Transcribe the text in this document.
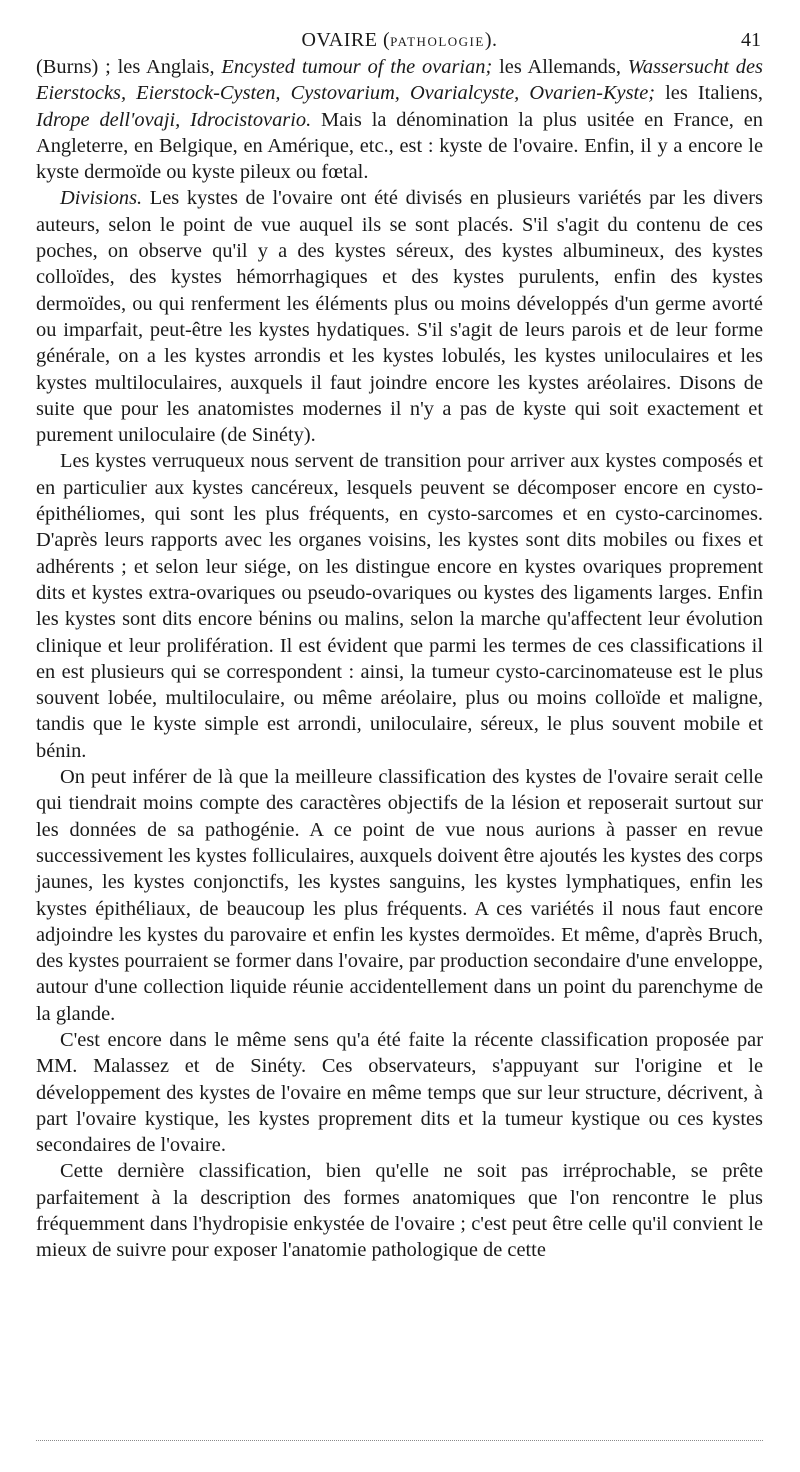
OVAIRE (PATHOLOGIE).	41

(Burns) ; les Anglais, Encysted tumour of the ovarian; les Allemands, Wassersucht des Eierstocks, Eierstock-Cysten, Cystovarium, Ovarialcyste, Ovarien-Kyste; les Italiens, Idrope dell'ovaji, Idrocistovario. Mais la dénomination la plus usitée en France, en Angleterre, en Belgique, en Amérique, etc., est : kyste de l'ovaire. Enfin, il y a encore le kyste dermoïde ou kyste pileux ou fœtal.

Divisions. Les kystes de l'ovaire ont été divisés en plusieurs variétés par les divers auteurs, selon le point de vue auquel ils se sont placés. S'il s'agit du contenu de ces poches, on observe qu'il y a des kystes séreux, des kystes albumineux, des kystes colloïdes, des kystes hémorrhagiques et des kystes purulents, enfin des kystes dermoïdes, ou qui renferment les éléments plus ou moins développés d'un germe avorté ou imparfait, peut-être les kystes hydatiques. S'il s'agit de leurs parois et de leur forme générale, on a les kystes arrondis et les kystes lobulés, les kystes uniloculaires et les kystes multiloculaires, auxquels il faut joindre encore les kystes aréolaires. Disons de suite que pour les anatomistes modernes il n'y a pas de kyste qui soit exactement et purement uniloculaire (de Sinéty).

Les kystes verruqueux nous servent de transition pour arriver aux kystes composés et en particulier aux kystes cancéreux, lesquels peuvent se décomposer encore en cysto-épithéliomes, qui sont les plus fréquents, en cysto-sarcomes et en cysto-carcinomes. D'après leurs rapports avec les organes voisins, les kystes sont dits mobiles ou fixes et adhérents ; et selon leur siége, on les distingue encore en kystes ovariques proprement dits et kystes extra-ovariques ou pseudo-ovariques ou kystes des ligaments larges. Enfin les kystes sont dits encore bénins ou malins, selon la marche qu'affectent leur évolution clinique et leur prolifération. Il est évident que parmi les termes de ces classifications il en est plusieurs qui se correspondent : ainsi, la tumeur cysto-carcinomateuse est le plus souvent lobée, multiloculaire, ou même aréolaire, plus ou moins colloïde et maligne, tandis que le kyste simple est arrondi, uniloculaire, séreux, le plus souvent mobile et bénin.

On peut inférer de là que la meilleure classification des kystes de l'ovaire serait celle qui tiendrait moins compte des caractères objectifs de la lésion et reposerait surtout sur les données de sa pathogénie. A ce point de vue nous aurions à passer en revue successivement les kystes folliculaires, auxquels doivent être ajoutés les kystes des corps jaunes, les kystes conjonctifs, les kystes sanguins, les kystes lymphatiques, enfin les kystes épithéliaux, de beaucoup les plus fréquents. A ces variétés il nous faut encore adjoindre les kystes du parovaire et enfin les kystes dermoïdes. Et même, d'après Bruch, des kystes pourraient se former dans l'ovaire, par production secondaire d'une enveloppe, autour d'une collection liquide réunie accidentellement dans un point du parenchyme de la glande.

C'est encore dans le même sens qu'a été faite la récente classification proposée par MM. Malassez et de Sinéty. Ces observateurs, s'appuyant sur l'origine et le développement des kystes de l'ovaire en même temps que sur leur structure, décrivent, à part l'ovaire kystique, les kystes proprement dits et la tumeur kystique ou ces kystes secondaires de l'ovaire.

Cette dernière classification, bien qu'elle ne soit pas irréprochable, se prête parfaitement à la description des formes anatomiques que l'on rencontre le plus fréquemment dans l'hydropisie enkystée de l'ovaire ; c'est peut être celle qu'il convient le mieux de suivre pour exposer l'anatomie pathologique de cette
